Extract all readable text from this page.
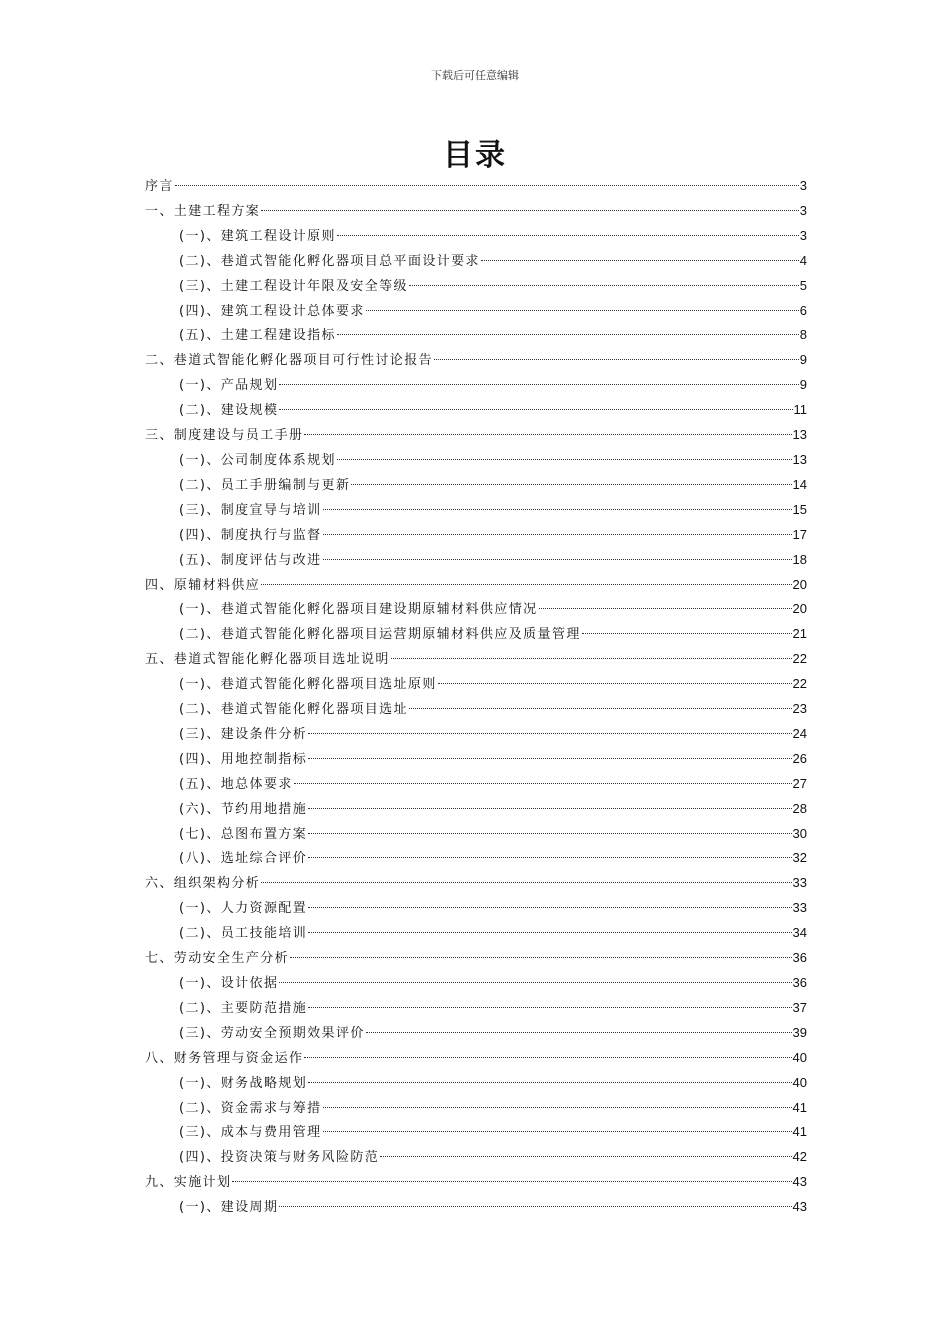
下载后可任意编辑
目录
序言	3
一、土建工程方案	3
(一)、建筑工程设计原则	3
(二)、巷道式智能化孵化器项目总平面设计要求	4
(三)、土建工程设计年限及安全等级	5
(四)、建筑工程设计总体要求	6
(五)、土建工程建设指标	8
二、巷道式智能化孵化器项目可行性讨论报告	9
(一)、产品规划	9
(二)、建设规模	11
三、制度建设与员工手册	13
(一)、公司制度体系规划	13
(二)、员工手册编制与更新	14
(三)、制度宣导与培训	15
(四)、制度执行与监督	17
(五)、制度评估与改进	18
四、原辅材料供应	20
(一)、巷道式智能化孵化器项目建设期原辅材料供应情况	20
(二)、巷道式智能化孵化器项目运营期原辅材料供应及质量管理	21
五、巷道式智能化孵化器项目选址说明	22
(一)、巷道式智能化孵化器项目选址原则	22
(二)、巷道式智能化孵化器项目选址	23
(三)、建设条件分析	24
(四)、用地控制指标	26
(五)、地总体要求	27
(六)、节约用地措施	28
(七)、总图布置方案	30
(八)、选址综合评价	32
六、组织架构分析	33
(一)、人力资源配置	33
(二)、员工技能培训	34
七、劳动安全生产分析	36
(一)、设计依据	36
(二)、主要防范措施	37
(三)、劳动安全预期效果评价	39
八、财务管理与资金运作	40
(一)、财务战略规划	40
(二)、资金需求与筹措	41
(三)、成本与费用管理	41
(四)、投资决策与财务风险防范	42
九、实施计划	43
(一)、建设周期	43
